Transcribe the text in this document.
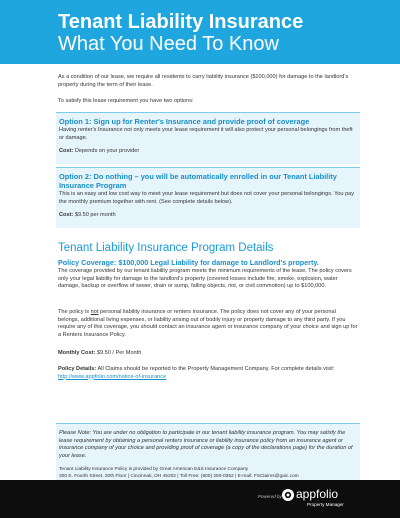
Tenant Liability Insurance
What You Need To Know
As a condition of our lease, we require all residents to carry liability insurance ($100,000) for damage to the landlord's property during the term of their lease.
To satisfy this lease requirement you have two options:
Option 1: Sign up for Renter's Insurance and provide proof of coverage
Having renter's Insurance not only meets your lease requirement it will also protect your personal belongings from theft or damage.
Cost: Depends on your provider
Option 2: Do nothing – you will be automatically enrolled in our Tenant Liability Insurance Program
This is an easy and low cost way to meet your lease requirement but does not cover your personal belongings. You pay the monthly premium together with rent. (See complete details below).
Cost: $9.50 per month
Tenant Liability Insurance Program Details
Policy Coverage: $100,000 Legal Liability for damage to Landlord's property.
The coverage provided by our tenant liability program meets the minimum requirements of the lease. The policy covers only your legal liability for damage to the landlord's property (covered losses include fire, smoke, explosion, water damage, backup or overflow of sewer, drain or sump, falling objects, riot, or civil commotion) up to $100,000.
The policy is not personal liability insurance or renters insurance. The policy does not cover any of your personal belongs, additional living expenses, or liability arising out of bodily injury or property damage to any third party. If you require any of this coverage, you should contact an insurance agent or insurance company of your choice and sign up for a Renters Insurance Policy.
Monthly Cost: $9.50 / Per Month
Policy Details: All Claims should be reported to the Property Management Company. For complete details visit: http://www.appfolio.com/notice-of-insurance
Please Note: You are under no obligation to participate in our tenant liability insurance program. You may satisfy the lease requirement by obtaining a personal renters insurance or liability insurance policy from an insurance agent or insurance company of your choice and providing proof of coverage (a copy of the declarations page) for the duration of your lease.
Tenant Liability Insurance Policy is provided by Great American E&S Insurance Company
300 E. Fourth Street, 20th Floor | Cincinnati, OH 45202 | Toll Free: (800) 260-0352 | E-mail: FSClaims@gaic.com
Powered by appfolio
Property Manager
